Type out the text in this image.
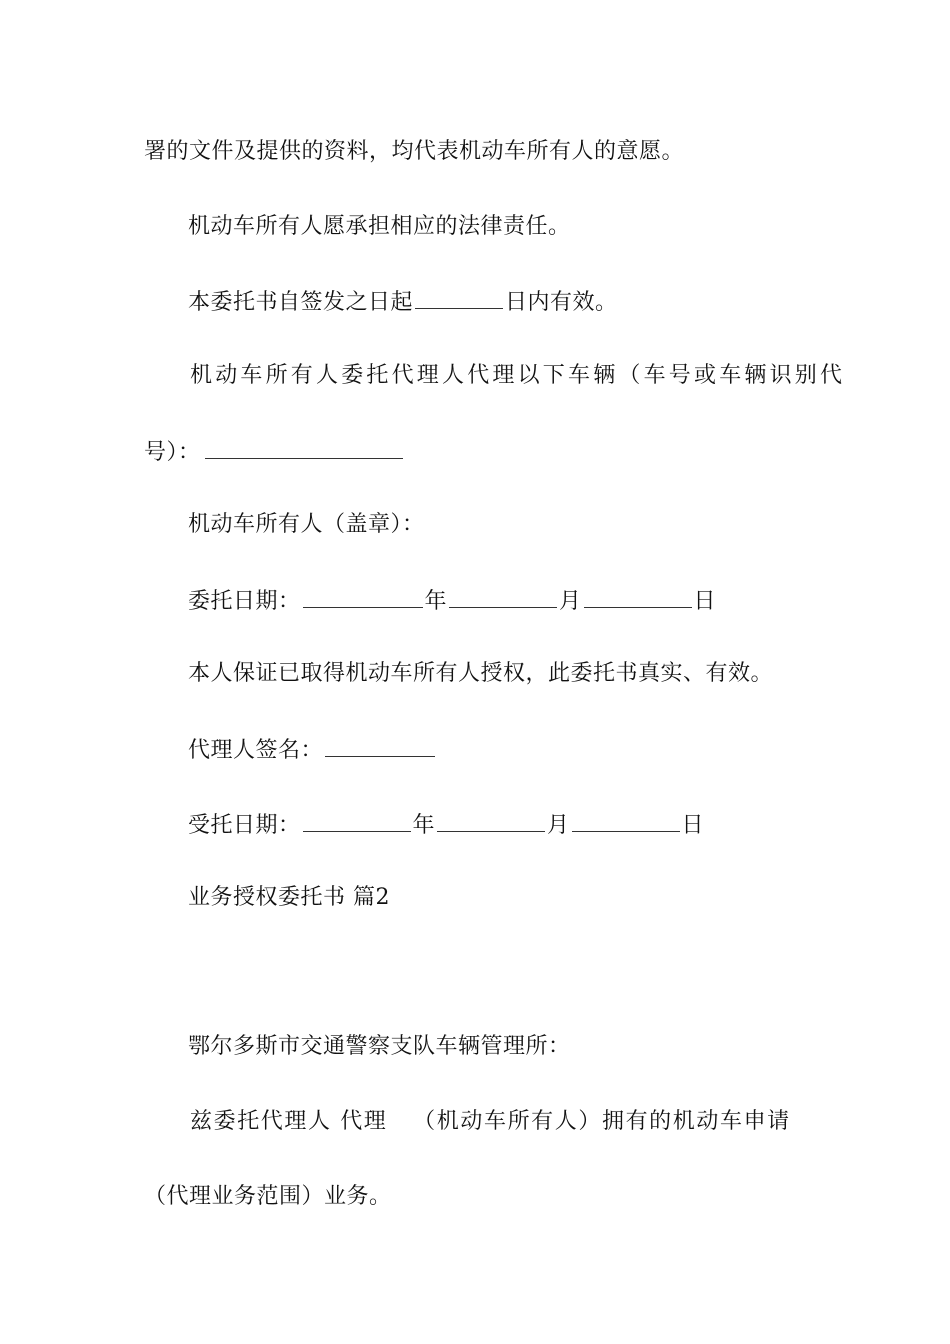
署的文件及提供的资料，均代表机动车所有人的意愿。
机动车所有人愿承担相应的法律责任。
本委托书自签发之日起	日内有效。
机动车所有人委托代理人代理以下车辆（车号或车辆识别代
号）：
机动车所有人（盖章）：
委托日期：	年	月	日
本人保证已取得机动车所有人授权，此委托书真实、有效。
代理人签名：
受托日期：	年	月	日
业务授权委托书 篇2
鄂尔多斯市交通警察支队车辆管理所：
兹委托代理人 代理   （机动车所有人）拥有的机动车申请
（代理业务范围）业务。
